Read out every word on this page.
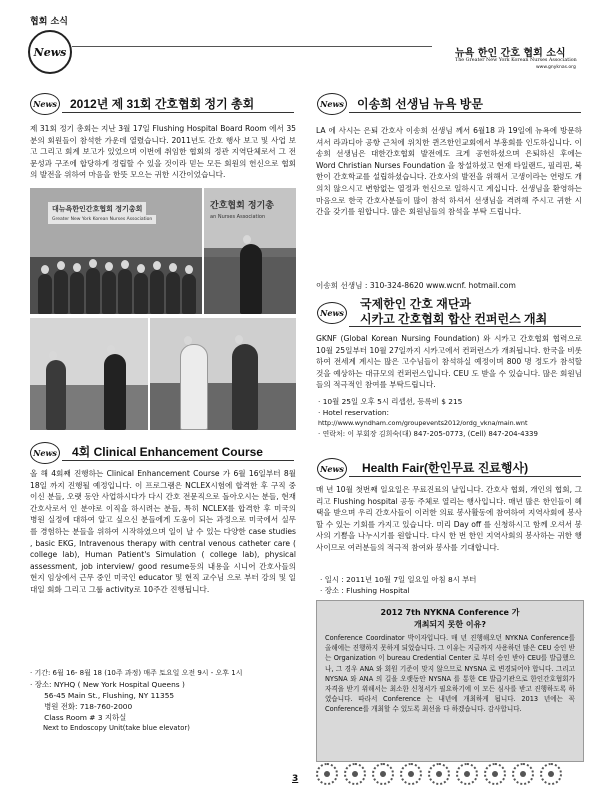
협회 소식
News	뉴욕 한인 간호 협회 소식
The Greater New York Korean Nurses Association
www.gnyknas.org
News 2012년 제 31회 간호협회 정기 총회
제 31회 정기 총회는 지난 3월 17일 Flushing Hospital Board Room 에서 35분의 회원들이 참석한 가운데 열렸습니다. 2011년도 간호 행사 보고 및 사업 보고 그리고 회계 보고가 있었으며 이번에 취임한 협회의 정관 지역단체로서 그 전문성과 구조에 합당하게 정립할 수 있을 것이라 믿는 모든 회원의 헌신으로 협회의 발전을 위하여 마음을 한뜻 모으는 귀한 시간이었습니다.
대뉴욕한인간호협회 정기총회
Greater New York Korean Nurses Association
간호협회 정기총
an Nurses Association
News 이송희 선생님 뉴욕 방문
LA 에 사시는 은퇴 간호사 이송희 선생님 께서 6월18 과 19일에 뉴욕에 방문하셔서 라과디아 공항 근처에 위치한 퀸즈한인교회에서 부흥회를 인도하십니다. 이송희 선생님은 대한간호협회 발전에도 크게 공헌하셨으며 은퇴하신 후에는 Word Christian Nurses Foundation 을 창설하셨고 현재 타일랜드, 필리핀, 북한이 간호학교를 설립하셨습니다. 간호사의 발전을 위해서 고생이라는 연령도 개의치 않으시고 변함없는 열정과 헌신으로 일하시고 계십니다. 선생님을 환영하는 마음으로 한국 간호사분들이 많이 참석 하셔서 선생님을 격려해 주시고 귀한 시간을 갖기를 원합니다. 많은 회원님들의 참석을 부탁 드립니다.
이송희 선생님 : 310-324-8620 www.wcnf. hotmail.com
News
국제한인 간호 재단과
시카고 간호협회 합산 컨퍼런스 개최
GKNF (Global Korean Nursing Foundation) 와 시카고 간호협회 협력으로 10월 25일부터 10월 27일까지 시카고에서 컨퍼런스가 개최됩니다. 한국을 비롯하여 전세계 계시는 많은 고수님들이 참석하실 예정이며 800 명 정도가 참석할 것을 예상하는 대규모의 컨퍼런스입니다. CEU 도 받을 수 있습니다. 많은 회원님들의 적극적인 참여를 부탁드립니다.
· 10월 25일 오후 5시 리셉션, 등록비 $ 215
· Hotel reservation:
http://www.wyndham.com/groupevents2012/ordg_vkna/main.wnt
· 연락처: 이 부회장 김희숙(대) 847-205-0773, (Cell) 847-204-4339
News 4회 Clinical Enhancement Course
올 해 4회째 진행하는 Clinical Enhancement Course 가 6월 16일부터 8월 18일 까지 진행될 예정입니다. 이 프로그램은 NCLEX시험에 합격한 후 구직 중이신 분들, 오랫 동안 사업하시다가 다시 간호 전문직으로 돌아오시는 분들, 현재 간호사로서 인 분야로 이직을 하시려는 분들, 특히 NCLEX를 합격한 후 미국의 병원 실정에 대하여 알고 싶으신 분들에게 도움이 되는 과정으로 미국에서 실무를 경험하는 분들을 위하여 시작하였으며 일이 날 수 있는 다양한 case studies , basic EKG, Intravenous therapy with central venous catheter care ( college lab), Human Patient's Simulation ( college lab), physical assessment, job interview/ good resume등의 내용을 시니어 간호사들의 현지 임상에서 근무 중인 미국인 educator 및 현직 교수님 으로 부터 강의 및 일대일 회화 그리고 그룹 activity로 10주간 진행됩니다.
· 기간: 6월 16- 8월 18 (10주 과정) 매주 토요일 오전 9시 - 오후 1시
· 장소: NYHQ ( New York Hospital Queens )
56-45 Main St., Flushing, NY 11355
병원 전화: 718-760-2000
Class Room # 3 지하실
Next to Endoscopy Unit(take blue elevator)
News Health Fair(한인무료 진료행사)
매 년 10월 첫번째 일요일은 무료진료의 날입니다. 간호사 협회, 개인의 협회, 그리고 Flushing hospital 공동 주체로 열리는 행사입니다. 매년 많은 한인들이 혜택을 받으며 우리 간호사들이 이러한 의료 봉사활동에 참여하여 지역사회에 봉사 할 수 있는 기회를 가지고 있습니다. 미리 Day off 를 신청하시고 함께 오셔서 봉사의 기쁨을 나누시기를 원합니다. 다시 한 번 한인 지역사회의 봉사하는 귀한 행사이므로 여러분들의 적극적 참여와 봉사를 기대합니다.
· 일시 : 2011년 10월 7일 일요일 아침 8시 부터
· 장소 : Flushing Hospital
2012 7th NYKNA Conference 가
개최되지 못한 이유?
Conference Coordinator 박이자입니다. 매 년 진행해오던 NYKNA Conference를 올해에는 진행하지 못하게 되었습니다. 그 이유는 지금까지 사용하던 많은 CEU 승인 받는 Organization 이 bureau Credential Center 로 부터 승인 받아 CEU를 발급했으나, 그 경우 ANA 와 회원 기준이 맞지 않으므로 NYSNA 로 변경되어야 합니다. 그리고 NYSNA 와 ANA 의 길을 오랫동안 NYSNA 를 통한 CE 발급기관으로 한인간호협회가 자격을 받기 위해서는 최소한 신청서가 필요하기에 이 모든 심사를 받고 진행하도록 하였습니다. 따라서 Conference 는 내년에 개최하게 됩니다. 2013 년에는 꼭 Conference를 개최할 수 있도록 최선을 다 하겠습니다. 감사합니다.
3
